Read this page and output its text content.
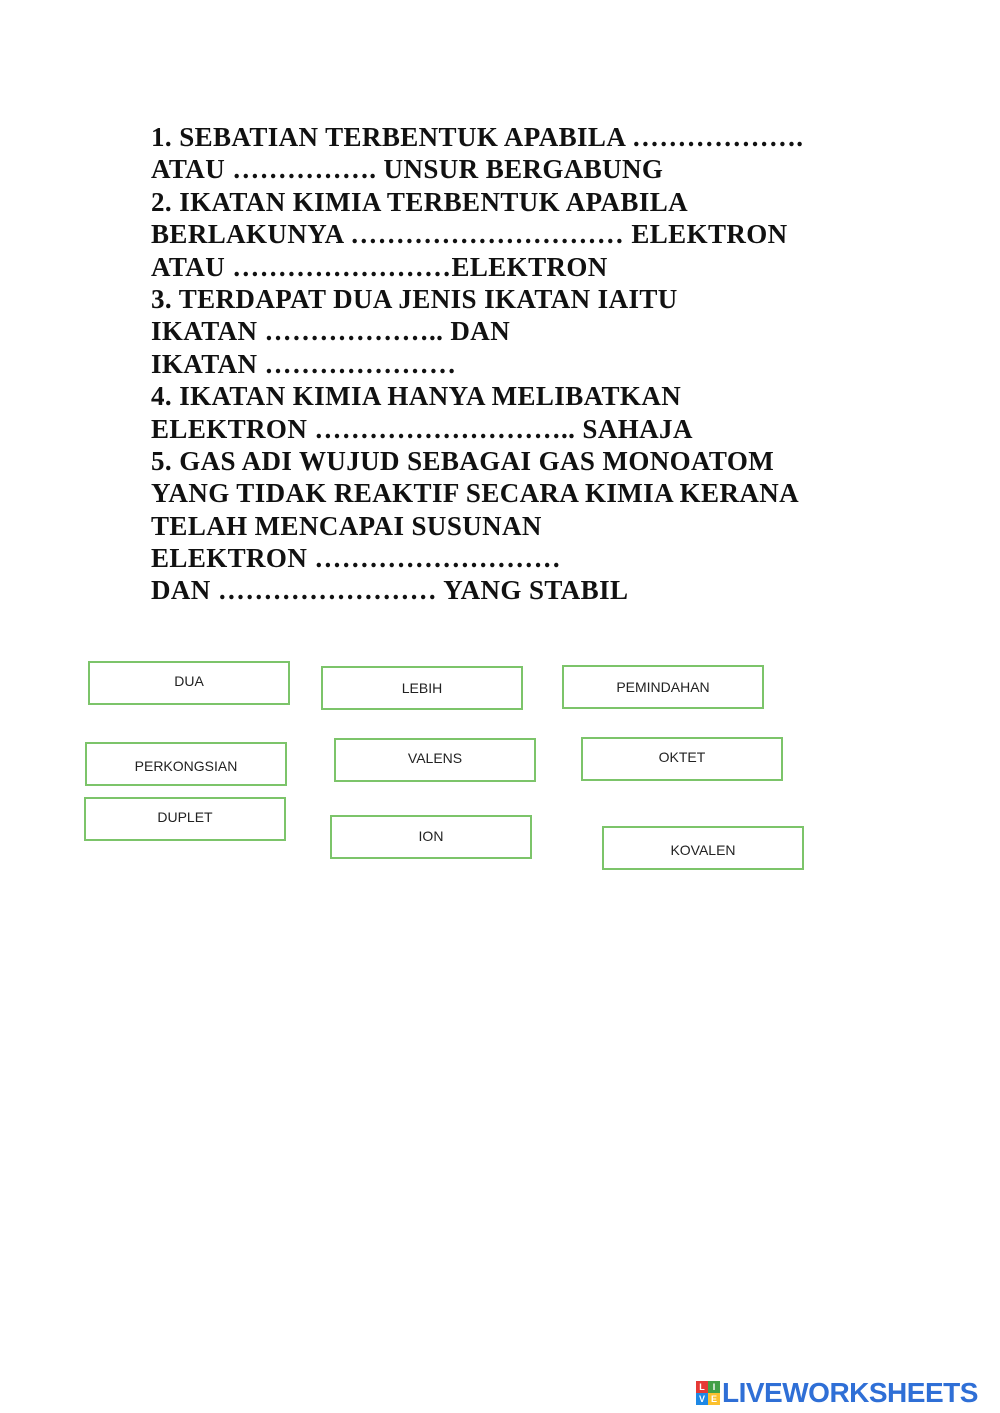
1. SEBATIAN TERBENTUK APABILA ……………….
ATAU ……………. UNSUR BERGABUNG
2. IKATAN KIMIA TERBENTUK APABILA
BERLAKUNYA ………………………… ELEKTRON
ATAU ……………………ELEKTRON
3. TERDAPAT DUA JENIS IKATAN IAITU
IKATAN ……………….. DAN
IKATAN …………………
4. IKATAN KIMIA HANYA MELIBATKAN
ELEKTRON ……………………….. SAHAJA
5. GAS ADI WUJUD SEBAGAI GAS MONOATOM
YANG TIDAK REAKTIF SECARA KIMIA KERANA
TELAH MENCAPAI SUSUNAN
ELEKTRON ………………………
DAN …………………… YANG STABIL
DUA	LEBIH	PEMINDAHAN
PERKONGSIAN	VALENS	OKTET
DUPLET
ION
KOVALEN
L I
V E LIVEWORKSHEETS
